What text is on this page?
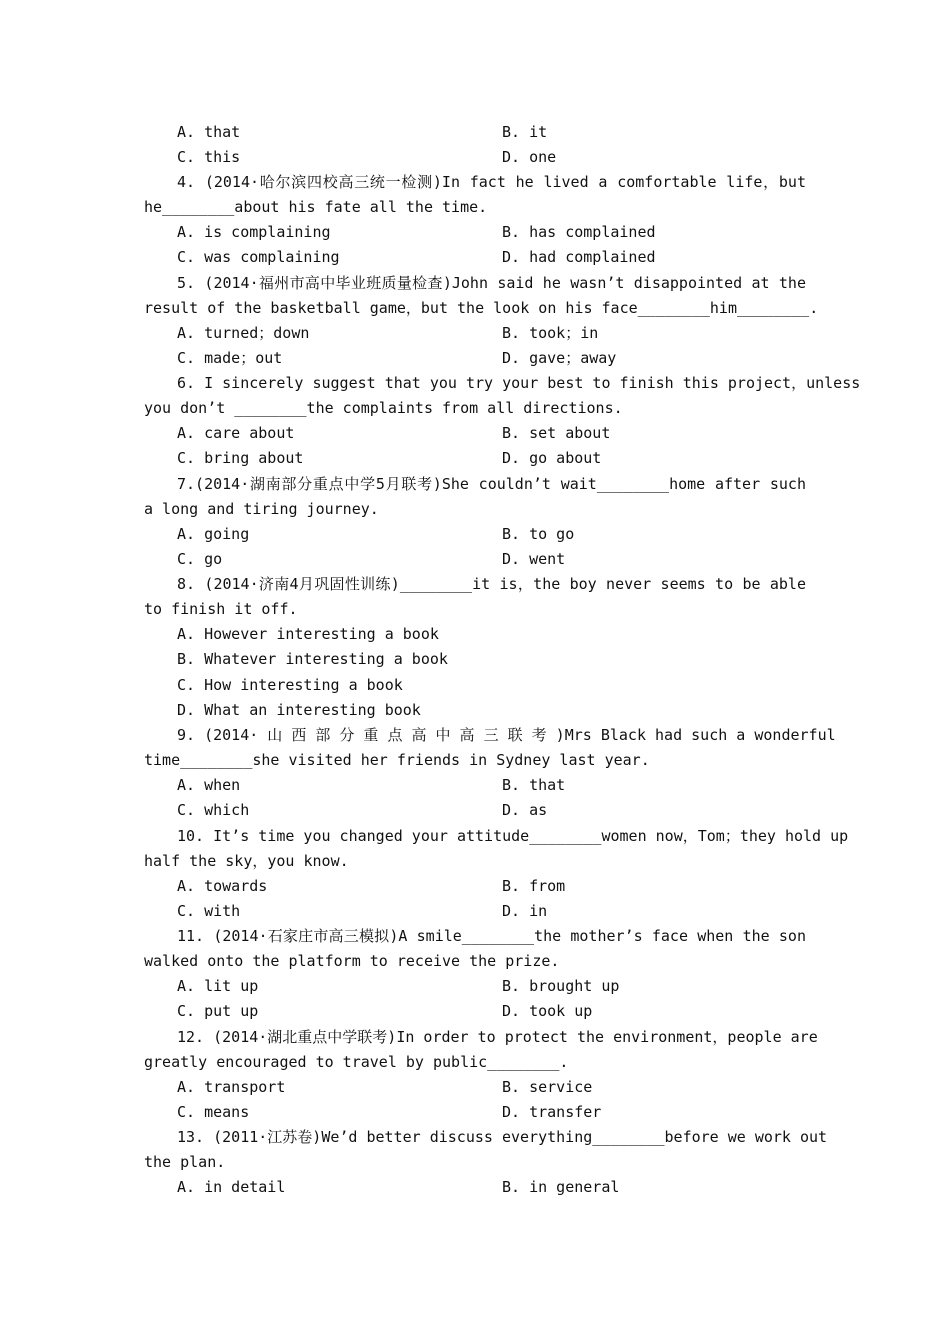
A. that	B. it
C. this	D. one
4. (2014·哈尔滨四校高三统一检测)In fact he lived a comfortable life，but
he________about his fate all the time.
A. is complaining	B. has complained
C. was complaining	D. had complained
5. (2014·福州市高中毕业班质量检查)John said he wasn’t disappointed at the
result of the basketball game，but the look on his face________him________.
A. turned；down	B. took；in
C. made；out	D. gave；away
6. I sincerely suggest that you try your best to finish this project，unless
you don’t ________the complaints from all directions.
A. care about	B. set about
C. bring about	D. go about
7.(2014·湖南部分重点中学5月联考)She couldn’t wait________home after such
a long and tiring journey.
A. going	B. to go
C. go	D. went
8. (2014·济南4月巩固性训练)________it is，the boy never seems to be able
to finish it off.
A. However interesting a book
B. Whatever interesting a book
C. How interesting a book
D. What an interesting book
9. (2014· 山 西 部 分 重 点 高 中 高 三 联 考 )Mrs Black had such a wonderful
time________she visited her friends in Sydney last year.
A. when	B. that
C. which	D. as
10. It’s time you changed your attitude________women now，Tom；they hold up
half the sky，you know.
A. towards	B. from
C. with	D. in
11. (2014·石家庄市高三模拟)A smile________the mother’s face when the son
walked onto the platform to receive the prize.
A. lit up	B. brought up
C. put up	D. took up
12. (2014·湖北重点中学联考)In order to protect the environment，people are
greatly encouraged to travel by public________.
A. transport	B. service
C. means	D. transfer
13. (2011·江苏卷)We’d better discuss everything________before we work out
the plan.
A. in detail	B. in general
